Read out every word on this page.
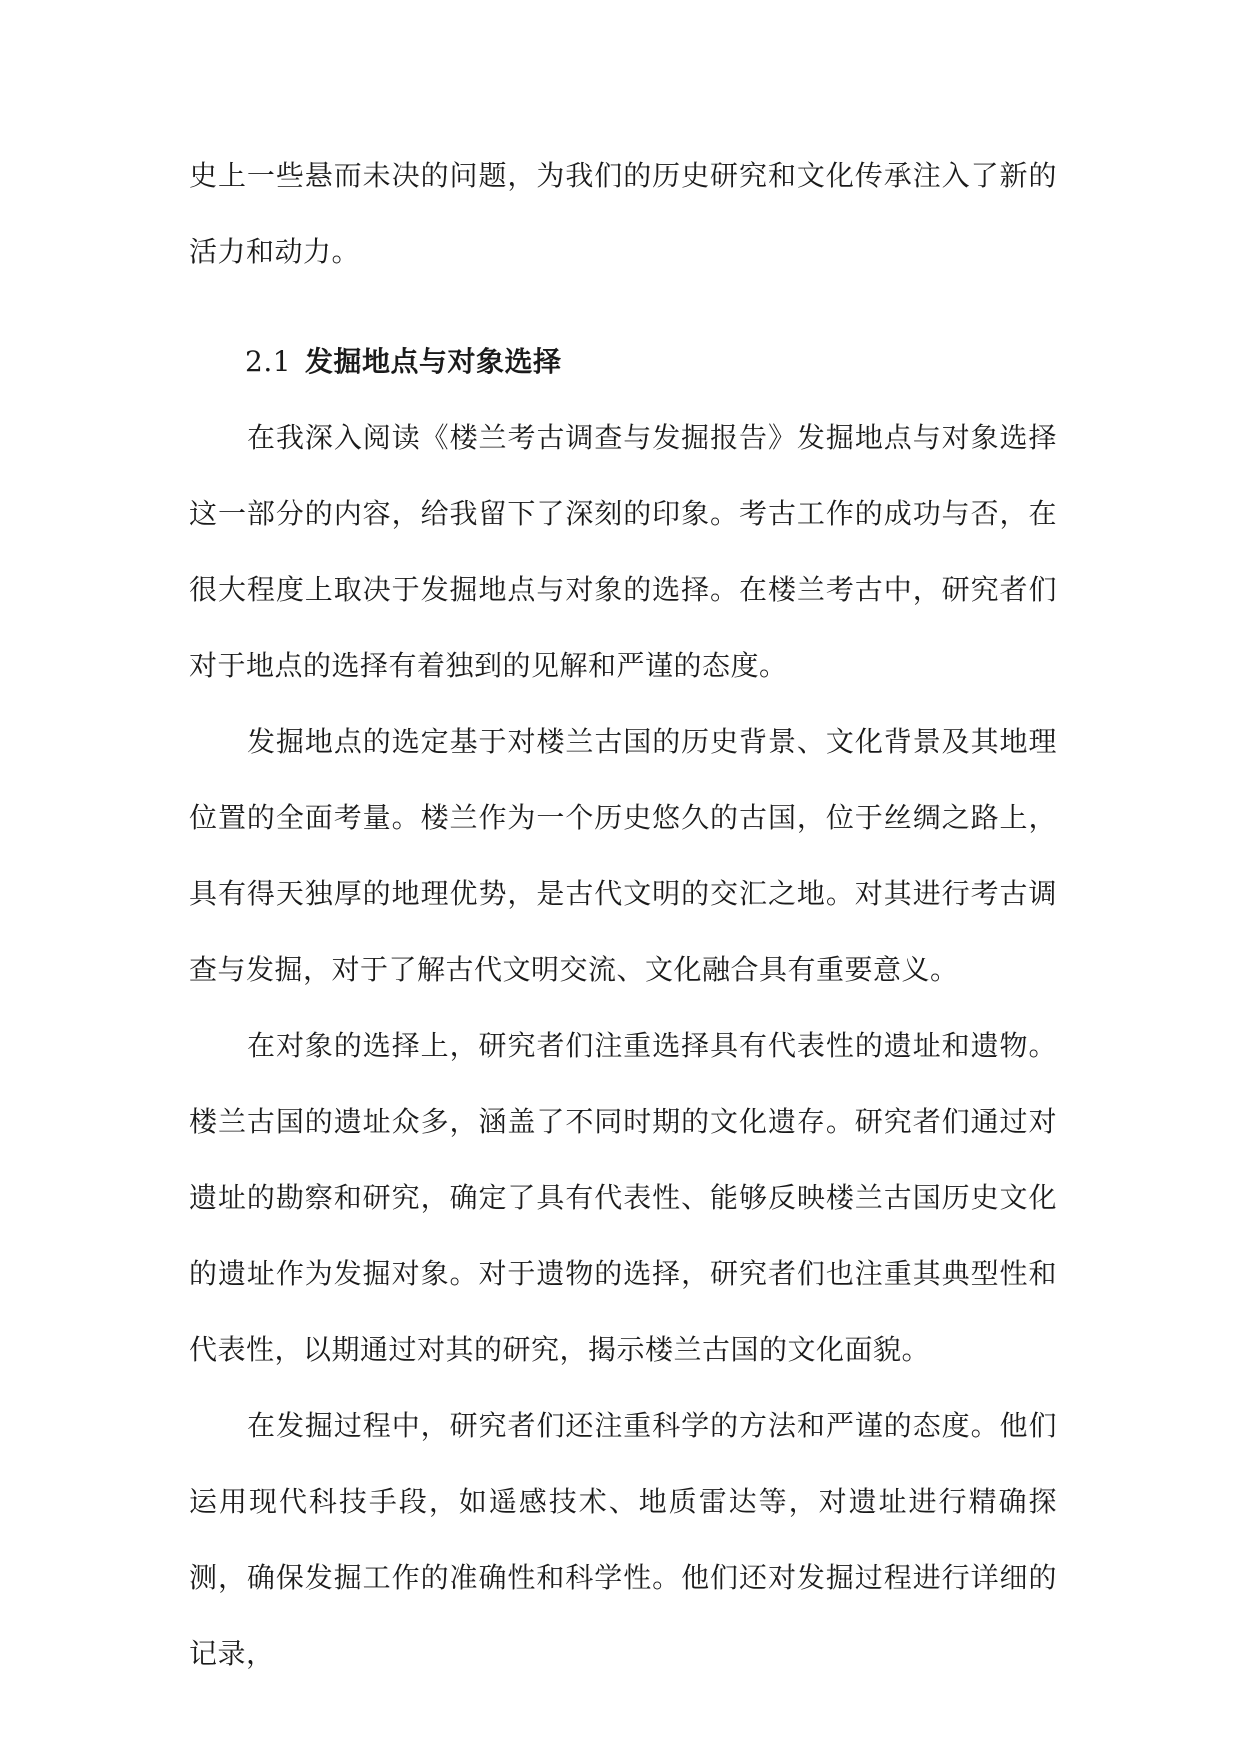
史上一些悬而未决的问题，为我们的历史研究和文化传承注入了新的活力和动力。

2.1 发掘地点与对象选择

在我深入阅读《楼兰考古调查与发掘报告》发掘地点与对象选择这一部分的内容，给我留下了深刻的印象。考古工作的成功与否，在很大程度上取决于发掘地点与对象的选择。在楼兰考古中，研究者们对于地点的选择有着独到的见解和严谨的态度。

发掘地点的选定基于对楼兰古国的历史背景、文化背景及其地理位置的全面考量。楼兰作为一个历史悠久的古国，位于丝绸之路上，具有得天独厚的地理优势，是古代文明的交汇之地。对其进行考古调查与发掘，对于了解古代文明交流、文化融合具有重要意义。

在对象的选择上，研究者们注重选择具有代表性的遗址和遗物。楼兰古国的遗址众多，涵盖了不同时期的文化遗存。研究者们通过对遗址的勘察和研究，确定了具有代表性、能够反映楼兰古国历史文化的遗址作为发掘对象。对于遗物的选择，研究者们也注重其典型性和代表性，以期通过对其的研究，揭示楼兰古国的文化面貌。

在发掘过程中，研究者们还注重科学的方法和严谨的态度。他们运用现代科技手段，如遥感技术、地质雷达等，对遗址进行精确探测，确保发掘工作的准确性和科学性。他们还对发掘过程进行详细的记录，
